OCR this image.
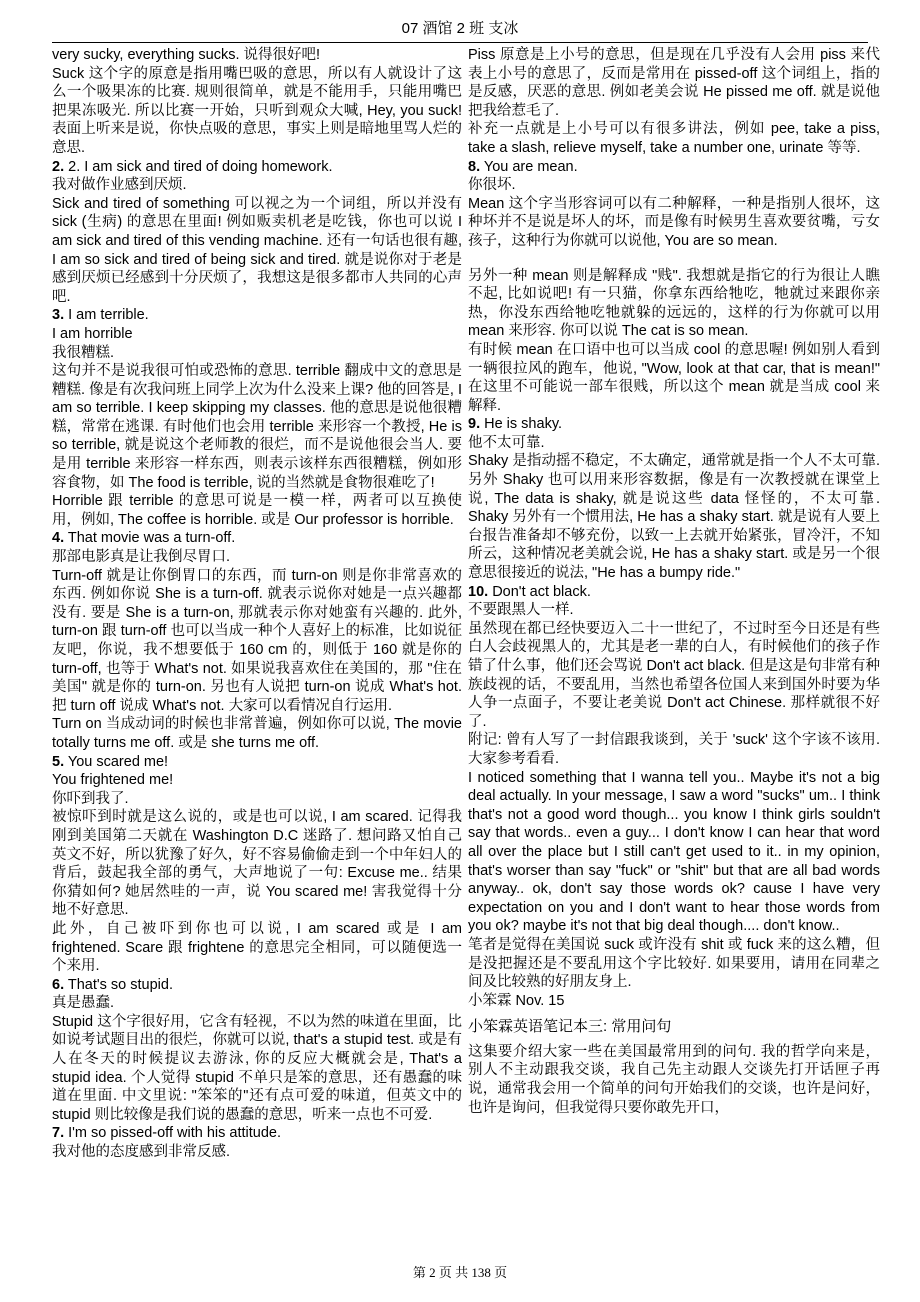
07 酒馆 2 班 支冰

very sucky, everything sucks. 说得很好吧!

Suck 这个字的原意是指用嘴巴吸的意思，所以有人就设计了这么一个吸果冻的比赛. 规则很简单，就是不能用手，只能用嘴巴把果冻吸光. 所以比赛一开始，只听到观众大喊, Hey, you suck! 表面上听来是说，你快点吸的意思，事实上则是暗地里骂人烂的意思.

2. 2. I am sick and tired of doing homework.

我对做作业感到厌烦.

Sick and tired of something 可以视之为一个词组，所以并没有 sick (生病) 的意思在里面! 例如贩卖机老是吃钱，你也可以说 I am sick and tired of this vending machine. 还有一句话也很有趣, I am so sick and tired of being sick and tired. 就是说你对于老是感到厌烦已经感到十分厌烦了，我想这是很多都市人共同的心声吧.

3. I am terrible.

I am horrible

我很糟糕.

这句并不是说我很可怕或恐怖的意思. terrible 翻成中文的意思是糟糕. 像是有次我问班上同学上次为什么没来上课? 他的回答是, I am so terrible. I keep skipping my classes. 他的意思是说他很糟糕，常常在逃课. 有时他们也会用 terrible 来形容一个教授, He is so terrible, 就是说这个老师教的很烂，而不是说他很会当人. 要是用 terrible 来形容一样东西，则表示该样东西很糟糕，例如形容食物，如 The food is terrible, 说的当然就是食物很难吃了!

Horrible 跟 terrible 的意思可说是一模一样，两者可以互换使用，例如, The coffee is horrible. 或是 Our professor is horrible.

4. That movie was a turn-off.

那部电影真是让我倒尽胃口.

Turn-off 就是让你倒胃口的东西，而 turn-on 则是你非常喜欢的东西. 例如你说 She is a turn-off. 就表示说你对她是一点兴趣都没有. 要是 She is a turn-on, 那就表示你对她蛮有兴趣的. 此外, turn-on 跟 turn-off 也可以当成一种个人喜好上的标准，比如说征友吧，你说，我不想要低于 160 cm 的，则低于 160 就是你的 turn-off, 也等于 What's not. 如果说我喜欢住在美国的，那 "住在美国" 就是你的 turn-on. 另也有人说把 turn-on 说成 What's hot. 把 turn off 说成 What's not. 大家可以看情况自行运用.

Turn on 当成动词的时候也非常普遍，例如你可以说, The movie totally turns me off. 或是 she turns me off.

5. You scared me!

You frightened me!

你吓到我了.

被惊吓到时就是这么说的，或是也可以说, I am scared. 记得我刚到美国第二天就在 Washington D.C 迷路了. 想问路又怕自己英文不好，所以犹豫了好久，好不容易偷偷走到一个中年妇人的背后，鼓起我全部的勇气，大声地说了一句: Excuse me.. 结果你猜如何? 她居然哇的一声，说 You scared me! 害我觉得十分地不好意思.

此外，自己被吓到你也可以说, I am scared 或是 I am frightened. Scare 跟 frightene 的意思完全相同，可以随便选一个来用.

6. That's so stupid.

真是愚蠢.

Stupid 这个字很好用，它含有轻视，不以为然的味道在里面，比如说考试题目出的很烂，你就可以说, that's a stupid test. 或是有人在冬天的时候提议去游泳, 你的反应大概就会是, That's a stupid idea. 个人觉得 stupid 不单只是笨的意思，还有愚蠢的味道在里面. 中文里说: "笨笨的"还有点可爱的味道，但英文中的 stupid 则比较像是我们说的愚蠢的意思，听来一点也不可爱.

7. I'm so pissed-off with his attitude.

我对他的态度感到非常反感.

Piss 原意是上小号的意思，但是现在几乎没有人会用 piss 来代表上小号的意思了，反而是常用在 pissed-off 这个词组上，指的是反感，厌恶的意思. 例如老美会说 He pissed me off. 就是说他把我给惹毛了.

补充一点就是上小号可以有很多讲法，例如 pee, take a piss, take a slash, relieve myself, take a number one, urinate 等等.

8. You are mean.

你很坏.

Mean 这个字当形容词可以有二种解释，一种是指别人很坏，这种坏并不是说是坏人的坏，而是像有时候男生喜欢要贫嘴，亏女孩子，这种行为你就可以说他, You are so mean.

另外一种 mean 则是解释成 "贱". 我想就是指它的行为很让人瞧不起, 比如说吧! 有一只猫，你拿东西给牠吃，牠就过来跟你亲热，你没东西给牠吃牠就躲的远远的，这样的行为你就可以用 mean 来形容. 你可以说 The cat is so mean.

有时候 mean 在口语中也可以当成 cool 的意思喔! 例如别人看到一辆很拉风的跑车，他说, "Wow, look at that car, that is mean!" 在这里不可能说一部车很贱，所以这个 mean 就是当成 cool 来解释.

9. He is shaky.

他不太可靠.

Shaky 是指动摇不稳定，不太确定，通常就是指一个人不太可靠. 另外 Shaky 也可以用来形容数据，像是有一次教授就在课堂上说, The data is shaky, 就是说这些 data 怪怪的，不太可靠. Shaky 另外有一个惯用法, He has a shaky start. 就是说有人要上台报告准备却不够充份，以致一上去就开始紧张，冒冷汗，不知所云，这种情况老美就会说, He has a shaky start. 或是另一个很意思很接近的说法, "He has a bumpy ride."

10. Don't act black.

不要跟黑人一样.

虽然现在都已经快要迈入二十一世纪了，不过时至今日还是有些白人会歧视黑人的，尤其是老一辈的白人，有时候他们的孩子作错了什么事，他们还会骂说 Don't act black. 但是这是句非常有种族歧视的话，不要乱用，当然也希望各位国人来到国外时要为华人争一点面子，不要让老美说 Don't act Chinese. 那样就很不好了.

附记: 曾有人写了一封信跟我谈到，关于 'suck' 这个字该不该用. 大家参考看看.

I noticed something that I wanna tell you.. Maybe it's not a big deal actually. In your message, I saw a word "sucks" um.. I think that's not a good word though... you know I think girls souldn't say that words.. even a guy... I don't know I can hear that word all over the place but I still can't get used to it.. in my opinion, that's worser than say "fuck" or "shit" but that are all bad words anyway.. ok, don't say those words ok? cause I have very expectation on you and I don't want to hear those words from you ok? maybe it's not that big deal though.... don't know..

笔者是觉得在美国说 suck 或许没有 shit 或 fuck 来的这么糟，但是没把握还是不要乱用这个字比较好. 如果要用，请用在同辈之间及比较熟的好朋友身上.

小笨霖 Nov. 15

小笨霖英语笔记本三: 常用问句

这集要介绍大家一些在美国最常用到的问句. 我的哲学向来是，别人不主动跟我交谈，我自己先主动跟人交谈先打开话匣子再说，通常我会用一个简单的问句开始我们的交谈，也许是问好，也许是询问，但我觉得只要你敢先开口，

第 2 页 共 138 页
